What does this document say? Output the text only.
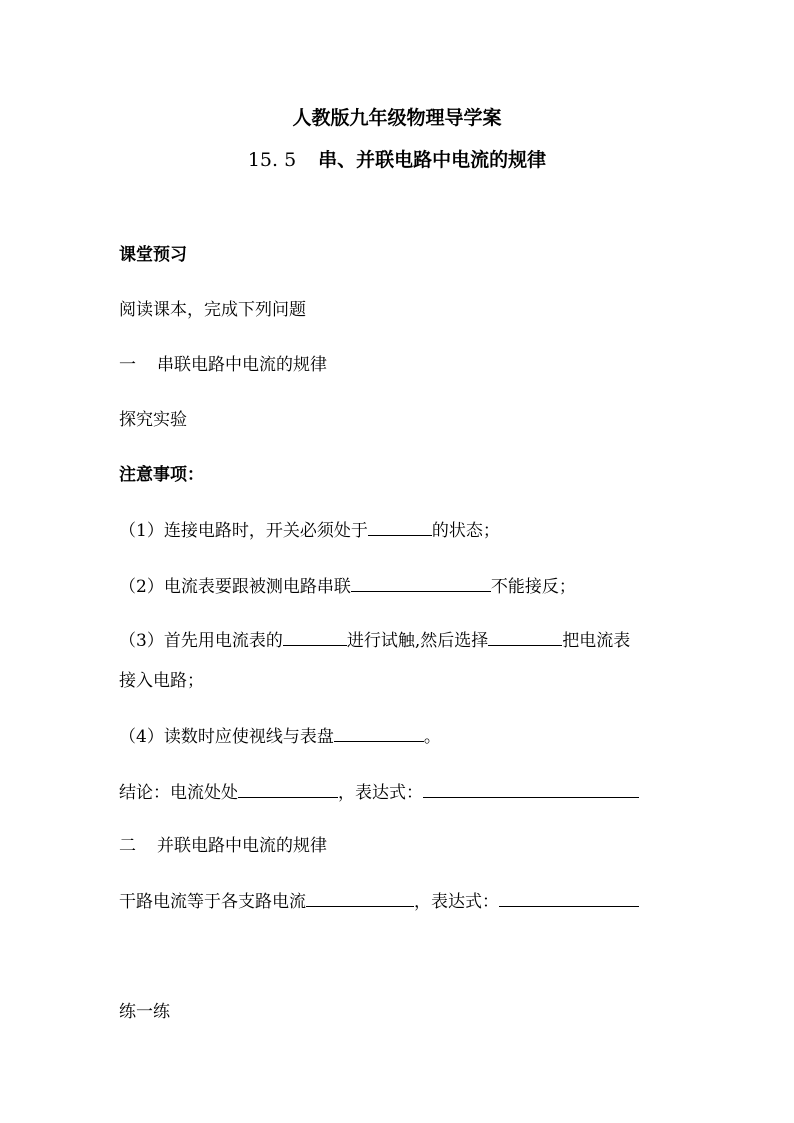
人教版九年级物理导学案
15. 5 串、并联电路中电流的规律
课堂预习
阅读课本，完成下列问题
一 串联电路中电流的规律
探究实验
注意事项：
（1）连接电路时，开关必须处于	的状态；
（2）电流表要跟被测电路串联	不能接反；
（3）首先用电流表的	进行试触,然后选择	把电流表
接入电路；
（4）读数时应使视线与表盘	。
结论：电流处处	，表达式：
二 并联电路中电流的规律
干路电流等于各支路电流	，表达式：
练一练
